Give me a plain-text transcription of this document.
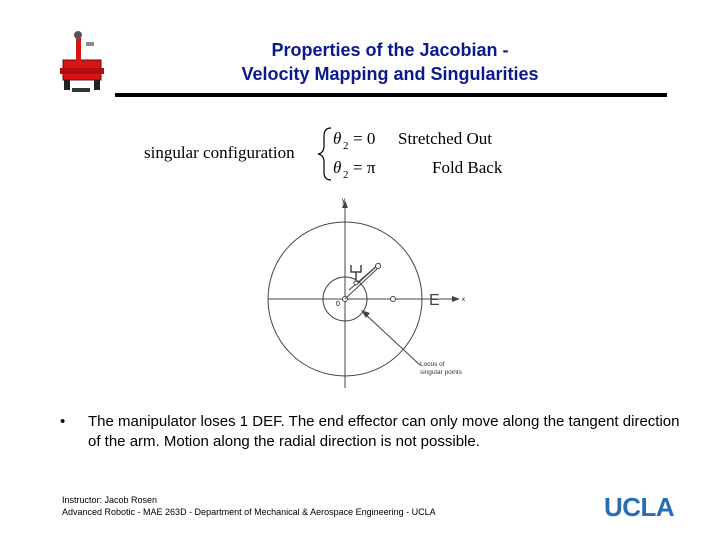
Properties of the Jacobian -
Velocity Mapping and Singularities
singular configuration
θ 2 = 0 Stretched Out
θ 2 = π	Fold Back
y
x
0	E
Locus of
singular points
• The manipulator loses 1 DEF. The end effector can only move along the tangent direction of the arm. Motion along the radial direction is not possible.
Instructor: Jacob Rosen
Advanced Robotic - MAE 263D - Department of Mechanical & Aerospace Engineering - UCLA	UCLA
